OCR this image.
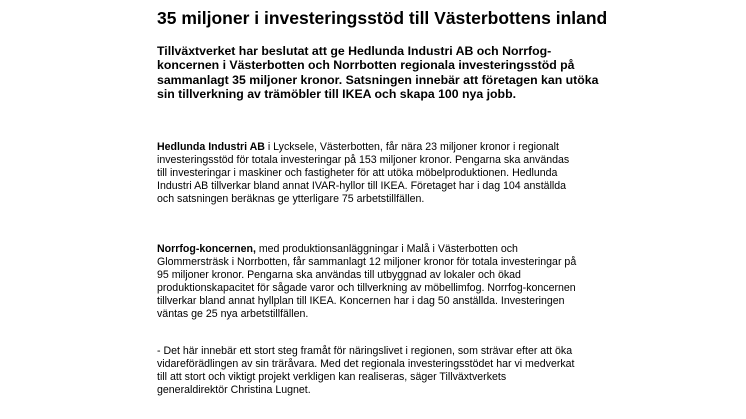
35 miljoner i investeringsstöd till Västerbottens inland

Tillväxtverket har beslutat att ge Hedlunda Industri AB och Norrfog-
koncernen i Västerbotten och Norrbotten regionala investeringsstöd på
sammanlagt 35 miljoner kronor. Satsningen innebär att företagen kan utöka
sin tillverkning av trämöbler till IKEA och skapa 100 nya jobb.

Hedlunda Industri AB i Lycksele, Västerbotten, får nära 23 miljoner kronor i regionalt
investeringsstöd för totala investeringar på 153 miljoner kronor. Pengarna ska användas
till investeringar i maskiner och fastigheter för att utöka möbelproduktionen. Hedlunda
Industri AB tillverkar bland annat IVAR-hyllor till IKEA. Företaget har i dag 104 anställda
och satsningen beräknas ge ytterligare 75 arbetstillfällen.

Norrfog-koncernen, med produktionsanläggningar i Malå i Västerbotten och
Glommersträsk i Norrbotten, får sammanlagt 12 miljoner kronor för totala investeringar på
95 miljoner kronor. Pengarna ska användas till utbyggnad av lokaler och ökad
produktionskapacitet för sågade varor och tillverkning av möbellimfog. Norrfog-koncernen
tillverkar bland annat hyllplan till IKEA. Koncernen har i dag 50 anställda. Investeringen
väntas ge 25 nya arbetstillfällen.

- Det här innebär ett stort steg framåt för näringslivet i regionen, som strävar efter att öka
vidareförädlingen av sin träråvara. Med det regionala investeringsstödet har vi medverkat
till att stort och viktigt projekt verkligen kan realiseras, säger Tillväxtverkets
generaldirektör Christina Lugnet.
